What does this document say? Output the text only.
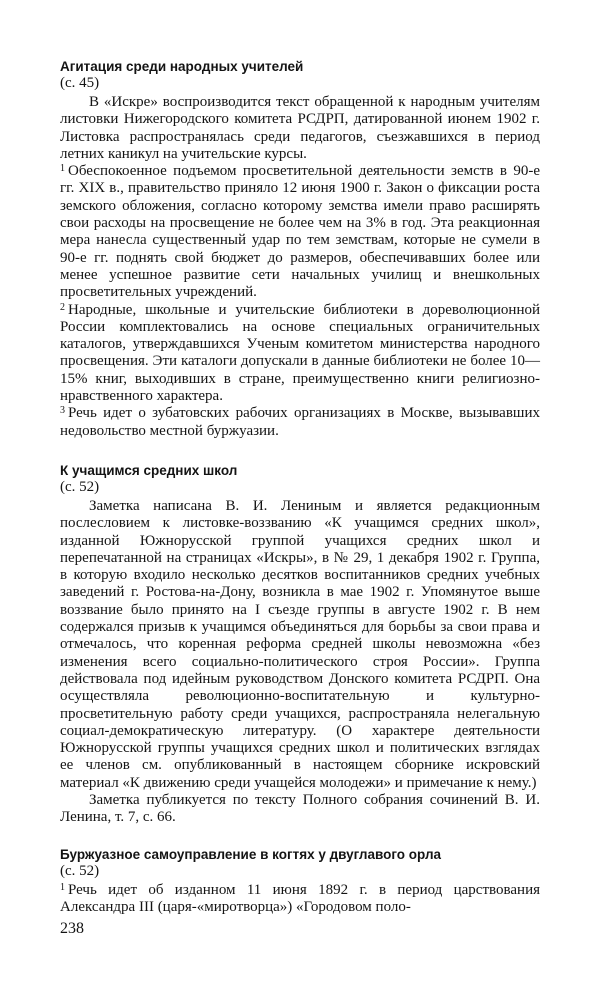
Агитация среди народных учителей
(с. 45)

В «Искре» воспроизводится текст обращенной к народным учителям листовки Нижегородского комитета РСДРП, датированной июнем 1902 г. Листовка распространялась среди педагогов, съезжавшихся в период летних каникул на учительские курсы.

$^1$ Обеспокоенное подъемом просветительной деятельности земств в 90-е гг. XIX в., правительство приняло 12 июня 1900 г. Закон о фиксации роста земского обложения, согласно которому земства имели право расширять свои расходы на просвещение не более чем на 3% в год. Эта реакционная мера нанесла существенный удар по тем земствам, которые не сумели в 90-е гг. поднять свой бюджет до размеров, обеспечивавших более или менее успешное развитие сети начальных училищ и внешкольных просветительных учреждений.

$^2$ Народные, школьные и учительские библиотеки в дореволюционной России комплектовались на основе специальных ограничительных каталогов, утверждавшихся Ученым комитетом министерства народного просвещения. Эти каталоги допускали в данные библиотеки не более 10—15% книг, выходивших в стране, преимущественно книги религиозно-нравственного характера.

$^3$ Речь идет о зубатовских рабочих организациях в Москве, вызывавших недовольство местной буржуазии.

К учащимся средних школ
(с. 52)

Заметка написана В. И. Лениным и является редакционным послесловием к листовке-воззванию «К учащимся средних школ», изданной Южнорусской группой учащихся средних школ и перепечатанной на страницах «Искры», в № 29, 1 декабря 1902 г. Группа, в которую входило несколько десятков воспитанников средних учебных заведений г. Ростова-на-Дону, возникла в мае 1902 г. Упомянутое выше воззвание было принято на I съезде группы в августе 1902 г. В нем содержался призыв к учащимся объединяться для борьбы за свои права и отмечалось, что коренная реформа средней школы невозможна «без изменения всего социально-политического строя России». Группа действовала под идейным руководством Донского комитета РСДРП. Она осуществляла революционно-воспитательную и культурно-просветительную работу среди учащихся, распространяла нелегальную социал-демократическую литературу. (О характере деятельности Южнорусской группы учащихся средних школ и политических взглядах ее членов см. опубликованный в настоящем сборнике искровский материал «К движению среди учащейся молодежи» и примечание к нему.)

Заметка публикуется по тексту Полного собрания сочинений В. И. Ленина, т. 7, с. 66.

Буржуазное самоуправление в когтях у двуглавого орла
(с. 52)

$^1$ Речь идет об изданном 11 июня 1892 г. в период царствования Александра III (царя-«миротворца») «Городовом поло-

238
